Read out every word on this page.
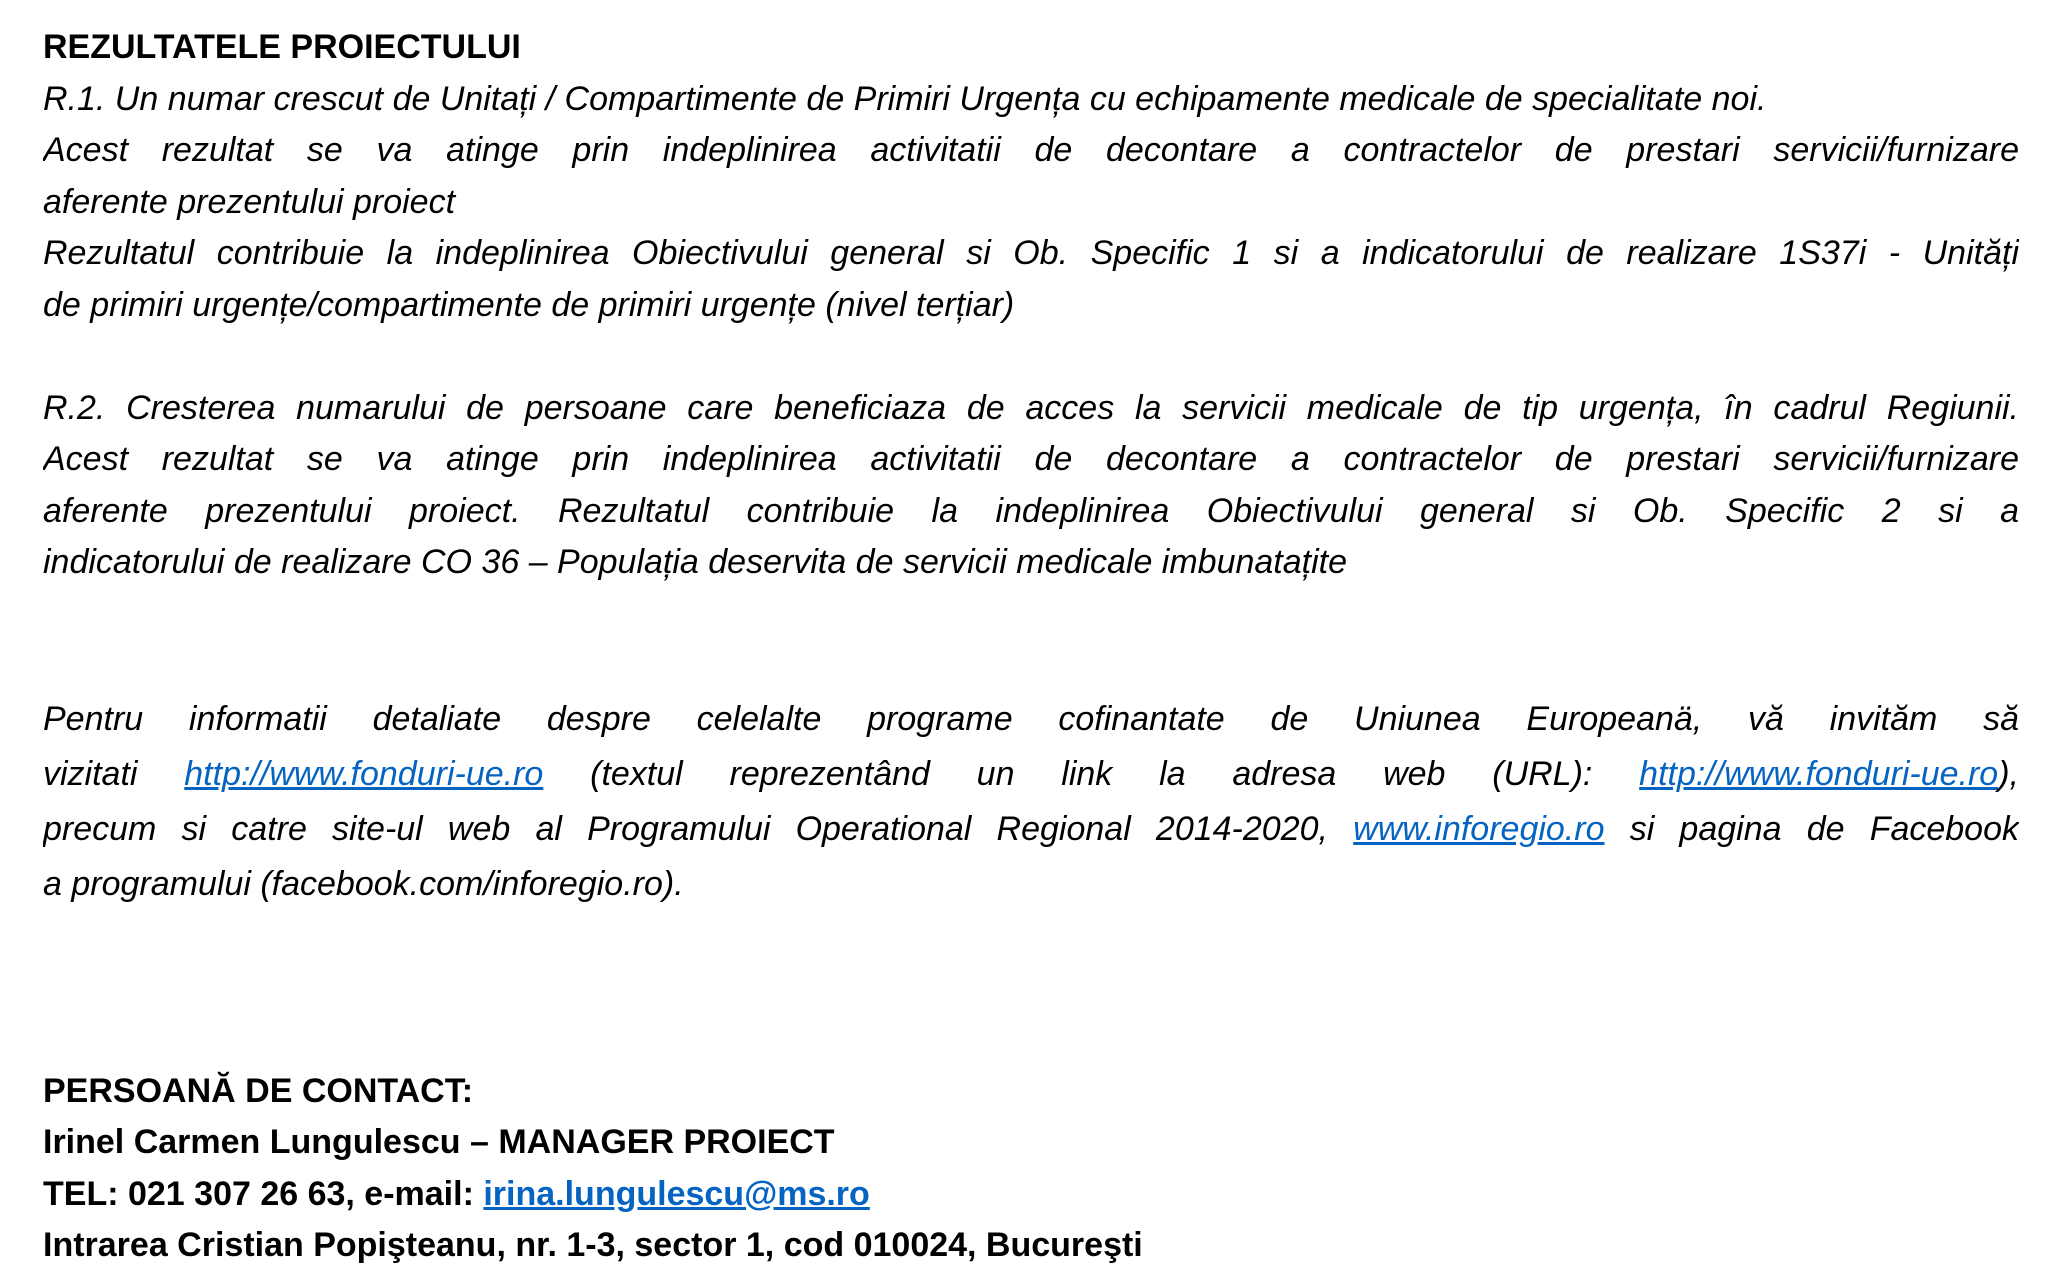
REZULTATELE PROIECTULUI
R.1. Un numar crescut de Unitați / Compartimente de Primiri Urgența cu echipamente medicale de specialitate noi.
Acest rezultat se va atinge prin indeplinirea activitatii de decontare a contractelor de prestari servicii/furnizare
aferente prezentului proiect
Rezultatul contribuie la indeplinirea Obiectivului general si Ob. Specific 1 si a indicatorului de realizare 1S37i - Unități
de primiri urgențe/compartimente de primiri urgențe (nivel terțiar)
R.2. Cresterea numarului de persoane care beneficiaza de acces la servicii medicale de tip urgența, în cadrul Regiunii.
Acest rezultat se va atinge prin indeplinirea activitatii de decontare a contractelor de prestari servicii/furnizare
aferente prezentului proiect. Rezultatul contribuie la indeplinirea Obiectivului general si Ob. Specific 2 si a
indicatorului de realizare CO 36 – Populația deservita de servicii medicale imbunatațite
Pentru informatii detaliate despre celelalte programe cofinantate de Uniunea Europeanä, vă invităm să
vizitati http://www.fonduri-ue.ro (textul reprezentând un link la adresa web (URL): http://www.fonduri-ue.ro),
precum si catre site-ul web al Programului Operational Regional 2014-2020, www.inforegio.ro si pagina de Facebook
a programului (facebook.com/inforegio.ro).
PERSOANĂ DE CONTACT:
Irinel Carmen Lungulescu – MANAGER PROIECT
TEL: 021 307 26 63, e-mail: irina.lungulescu@ms.ro
Intrarea Cristian Popişteanu, nr. 1-3, sector 1, cod 010024, Bucureşti
